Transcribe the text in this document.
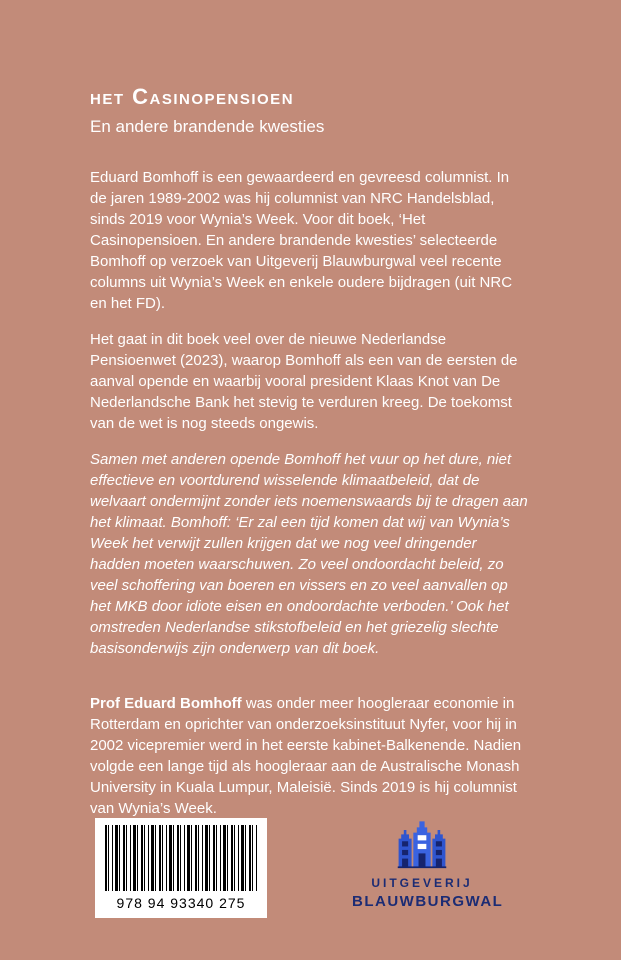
het Casinopensioen
En andere brandende kwesties

Eduard Bomhoff is een gewaardeerd en gevreesd columnist. In de jaren 1989-2002 was hij columnist van NRC Handelsblad, sinds 2019 voor Wynia’s Week. Voor dit boek, ‘Het Casinopensioen. En andere brandende kwesties’ selecteerde Bomhoff op verzoek van Uitgeverij Blauwburgwal veel recente columns uit Wynia’s Week en enkele oudere bijdragen (uit NRC en het FD).

Het gaat in dit boek veel over de nieuwe Nederlandse Pensioenwet (2023), waarop Bomhoff als een van de eersten de aanval opende en waarbij vooral president Klaas Knot van De Nederlandsche Bank het stevig te verduren kreeg. De toekomst van de wet is nog steeds ongewis.

Samen met anderen opende Bomhoff het vuur op het dure, niet effectieve en voortdurend wisselende klimaatbeleid, dat de welvaart ondermijnt zonder iets noemenswaards bij te dragen aan het klimaat. Bomhoff: ‘Er zal een tijd komen dat wij van Wynia’s Week het verwijt zullen krijgen dat we nog veel dringender hadden moeten waarschuwen. Zo veel ondoordacht beleid, zo veel schoffering van boeren en vissers en zo veel aanvallen op het MKB door idiote eisen en ondoordachte verboden.’ Ook het omstreden Nederlandse stikstofbeleid en het griezelig slechte basisonderwijs zijn onderwerp van dit boek.

Prof Eduard Bomhoff was onder meer hoogleraar economie in Rotterdam en oprichter van onderzoeksinstituut Nyfer, voor hij in 2002 vicepremier werd in het eerste kabinet-Balkenende. Nadien volgde een lange tijd als hoogleraar aan de Australische Monash University in Kuala Lumpur, Maleisië. Sinds 2019 is hij columnist van Wynia’s Week.

978 94 93340 275
UITGEVERIJ
BLAUWBURGWAL
